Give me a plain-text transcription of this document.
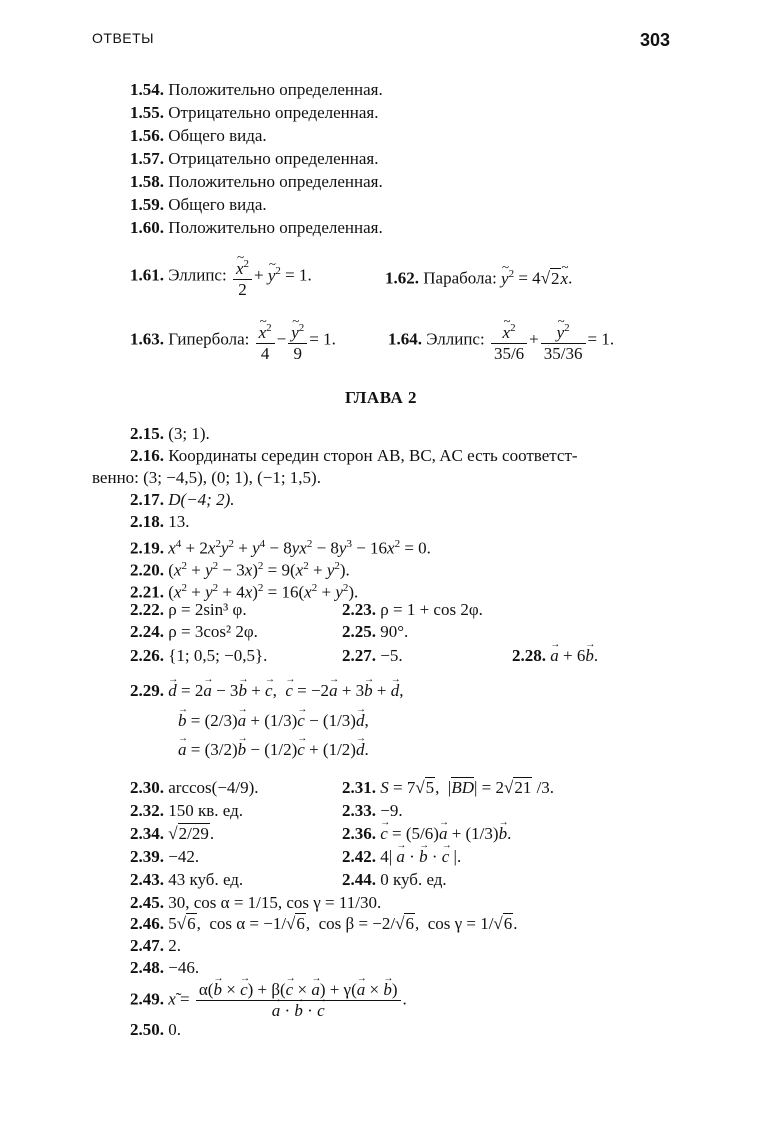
ОТВЕТЫ	303
1.54. Положительно определенная.
1.55. Отрицательно определенная.
1.56. Общего вида.
1.57. Отрицательно определенная.
1.58. Положительно определенная.
1.59. Общего вида.
1.60. Положительно определенная.
1.61. Эллипс: ~ $\frac{x^2}{2}$ + ~ $y^2 = 1$.	1.62. Парабола: ~ $y^2$ = 4√2~ x.
1.63. Гипербола: ~ $\frac{x^2}{4}$ − ~ $\frac{y^2}{9} = 1$.	1.64. Эллипс: ~ $\frac{x^2}{35/6}$ + ~ $\frac{y^2}{35/36} = 1$.
ГЛАВА 2
2.15. (3; 1).
2.16. Координаты середин сторон AB, BC, AC есть соответст-
венно: (3; −4,5), (0; 1), (−1; 1,5).
2.17. D(−4; 2).
2.18. 13.
2.19. $x^4 + 2x^2y^2 + y^4 - 8yx^2 - 8y^3 - 16x^2 = 0$.
2.20. $(x^2 + y^2 - 3x)^2 = 9(x^2 + y^2)$.
2.21. $(x^2 + y^2 + 4x)^2 = 16(x^2 + y^2)$.
2.22. ρ = 2sin³ φ.	2.23. ρ = 1 + cos 2φ.
2.24. ρ = 3cos² 2φ.	2.25. 90°.
2.26. {1; 0,5; −0,5}.	2.27. −5.	2.28. → a + 6→ b.
2.29. → d = 2→ a − 3→ b + → c,  → c = −2→ a + 3→ b + → d,
→ b = (2/3)→ a + (1/3)→ c − (1/3)→ d,
→ a = (3/2)→ b − (1/2)→ c + (1/2)→ d.
2.30. arccos(−4/9).	2.31. S = 7√5,  |BD| = 2√21 /3.
2.32. 150 кв. ед.	2.33. −9.
2.34. √2/29.	2.36. → c = (5/6)→ a + (1/3)→ b.
2.39. −42.	2.42. 4| → a · → b · → c |.
2.43. 43 куб. ед.	2.44. 0 куб. ед.
2.45. 30, cos α = 1/15, cos γ = 11/30.
2.46. 5√6,  cos α = −1/√6,  cos β = −2/√6,  cos γ = 1/√6.
2.47. 2.
2.48. −46.
2.49. x̃ = α(→ b × → c) + β(→ c × → a) + γ(→ a × → b)
→ a · → b · → c .
2.50. 0.
